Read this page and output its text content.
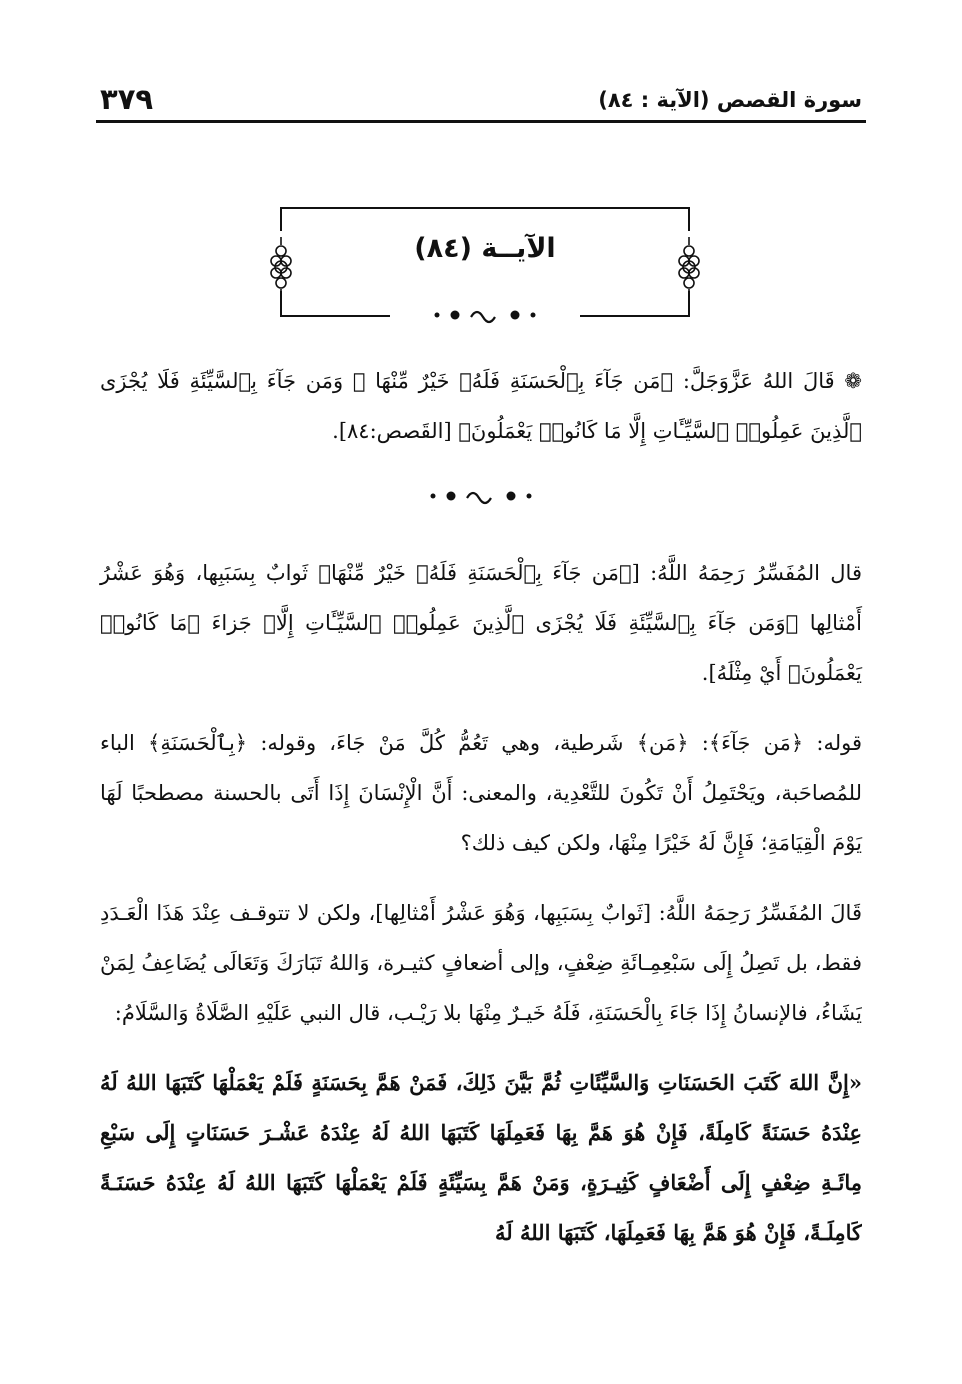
سورة القصص (الآية : ٨٤)
٣٧٩
الآيــة (٨٤)
❁ قَالَ اللهُ عَزَّوَجَلَّ: ﴿مَن جَآءَ بِٱلْحَسَنَةِ فَلَهُۥ خَيْرٌ مِّنْهَا ۖ وَمَن جَآءَ بِٱلسَّيِّئَةِ فَلَا يُجْزَى ٱلَّذِينَ عَمِلُوا۟ ٱلسَّيِّـَٔاتِ إِلَّا مَا كَانُوا۟ يَعْمَلُونَ﴾ [القَصص:٨٤].
قال المُفَسِّرُ رَحِمَهُ اللَّهُ: [﴿مَن جَآءَ بِٱلْحَسَنَةِ فَلَهُۥ خَيْرٌ مِّنْهَا﴾ ثَوابٌ بِسَبَبِها، وَهُوَ عَشْرُ أَمْثالِها ﴿وَمَن جَآءَ بِٱلسَّيِّئَةِ فَلَا يُجْزَى ٱلَّذِينَ عَمِلُوا۟ ٱلسَّيِّـَٔاتِ إِلَّا﴾ جَزاءَ ﴿مَا كَانُوا۟ يَعْمَلُونَ﴾ أَيْ مِثْلَهُ].
قوله: ﴿مَن جَآءَ﴾: ﴿مَن﴾ شَرطية، وهي تَعُمُّ كُلَّ مَنْ جَاءَ، وقوله: ﴿بِٱلْحَسَنَةِ﴾ الباء للمُصاحَبة، ويَحْتَمِلُ أَنْ تَكُونَ للتَّعْدِية، والمعنى: أَنَّ الْإِنْسَانَ إِذَا أَتَى بالحسنة مصطحبًا لَهَا يَوْمَ الْقِيَامَةِ؛ فَإِنَّ لَهُ خَيْرًا مِنْهَا، ولكن كيف ذلك؟
قَالَ المُفَسِّرُ رَحِمَهُ اللَّهُ: [ثَوابٌ بِسَبَبِها، وَهُوَ عَشْرُ أَمْثالِها]، ولكن لا تتوقـف عِنْدَ هَذَا الْعَـدَدِ فقط، بل تَصِلُ إِلَى سَبْعِمِـائَةِ ضِعْفٍ، وإلى أضعافٍ كثيـرة، وَاللهُ تَبَارَكَ وَتَعَالَى يُضَاعِفُ لِمَنْ يَشَاءُ، فالإنسانُ إِذَا جَاءَ بِالْحَسَنَةِ، فَلَهُ خَيـرٌ مِنْهَا بلا رَيْـب، قال النبي عَلَيْهِ الصَّلَاةُ وَالسَّلَامُ:
«إِنَّ اللهَ كَتَبَ الحَسَنَاتِ وَالسَّيِّئَاتِ ثُمَّ بَيَّنَ ذَلِكَ، فَمَنْ هَمَّ بِحَسَنَةٍ فَلَمْ يَعْمَلْهَا كَتَبَهَا اللهُ لَهُ عِنْدَهُ حَسَنَةً كَامِلَةً، فَإِنْ هُوَ هَمَّ بِهَا فَعَمِلَهَا كَتَبَهَا اللهُ لَهُ عِنْدَهُ عَشْـرَ حَسَنَاتٍ إِلَى سَبْعِ مِائَـةِ ضِعْفٍ إِلَى أَضْعَافٍ كَثِيـرَةٍ، وَمَنْ هَمَّ بِسَيِّئَةٍ فَلَمْ يَعْمَلْهَا كَتَبَهَا اللهُ لَهُ عِنْدَهُ حَسَنَـةً كَامِلَـةً، فَإِنْ هُوَ هَمَّ بِهَا فَعَمِلَهَا، كَتَبَهَا اللهُ لَهُ
